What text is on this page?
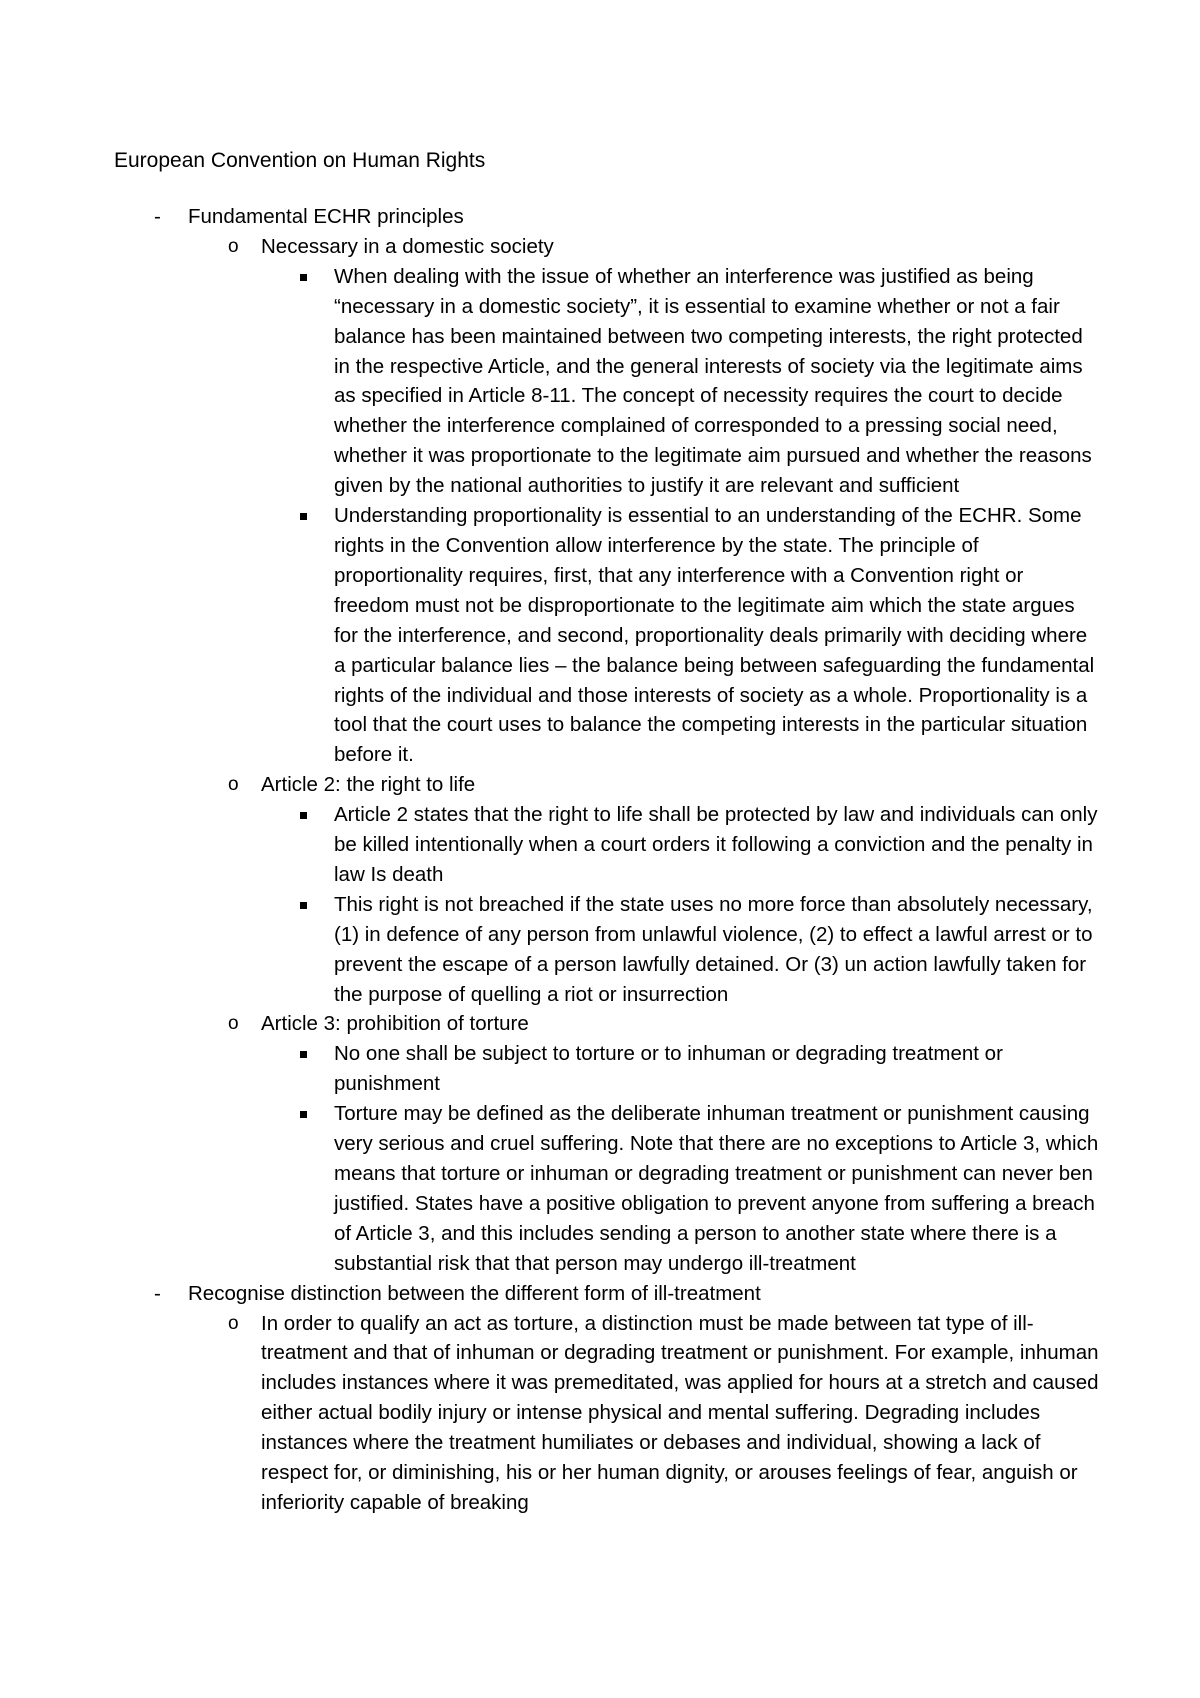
European Convention on Human Rights
- Fundamental ECHR principles
o Necessary in a domestic society
When dealing with the issue of whether an interference was justified as being “necessary in a domestic society”, it is essential to examine whether or not a fair balance has been maintained between two competing interests, the right protected in the respective Article, and the general interests of society via the legitimate aims as specified in Article 8-11. The concept of necessity requires the court to decide whether the interference complained of corresponded to a pressing social need, whether it was proportionate to the legitimate aim pursued and whether the reasons given by the national authorities to justify it are relevant and sufficient
Understanding proportionality is essential to an understanding of the ECHR. Some rights in the Convention allow interference by the state. The principle of proportionality requires, first, that any interference with a Convention right or freedom must not be disproportionate to the legitimate aim which the state argues for the interference, and second, proportionality deals primarily with deciding where a particular balance lies – the balance being between safeguarding the fundamental rights of the individual and those interests of society as a whole. Proportionality is a tool that the court uses to balance the competing interests in the particular situation before it.
o Article 2: the right to life
Article 2 states that the right to life shall be protected by law and individuals can only be killed intentionally when a court orders it following a conviction and the penalty in law Is death
This right is not breached if the state uses no more force than absolutely necessary, (1) in defence of any person from unlawful violence, (2) to effect a lawful arrest or to prevent the escape of a person lawfully detained. Or (3) un action lawfully taken for the purpose of quelling a riot or insurrection
o Article 3: prohibition of torture
No one shall be subject to torture or to inhuman or degrading treatment or punishment
Torture may be defined as the deliberate inhuman treatment or punishment causing very serious and cruel suffering. Note that there are no exceptions to Article 3, which means that torture or inhuman or degrading treatment or punishment can never ben justified. States have a positive obligation to prevent anyone from suffering a breach of Article 3, and this includes sending a person to another state where there is a substantial risk that that person may undergo ill-treatment
- Recognise distinction between the different form of ill-treatment
o In order to qualify an act as torture, a distinction must be made between tat type of ill-treatment and that of inhuman or degrading treatment or punishment. For example, inhuman includes instances where it was premeditated, was applied for hours at a stretch and caused either actual bodily injury or intense physical and mental suffering. Degrading includes instances where the treatment humiliates or debases and individual, showing a lack of respect for, or diminishing, his or her human dignity, or arouses feelings of fear, anguish or inferiority capable of breaking
